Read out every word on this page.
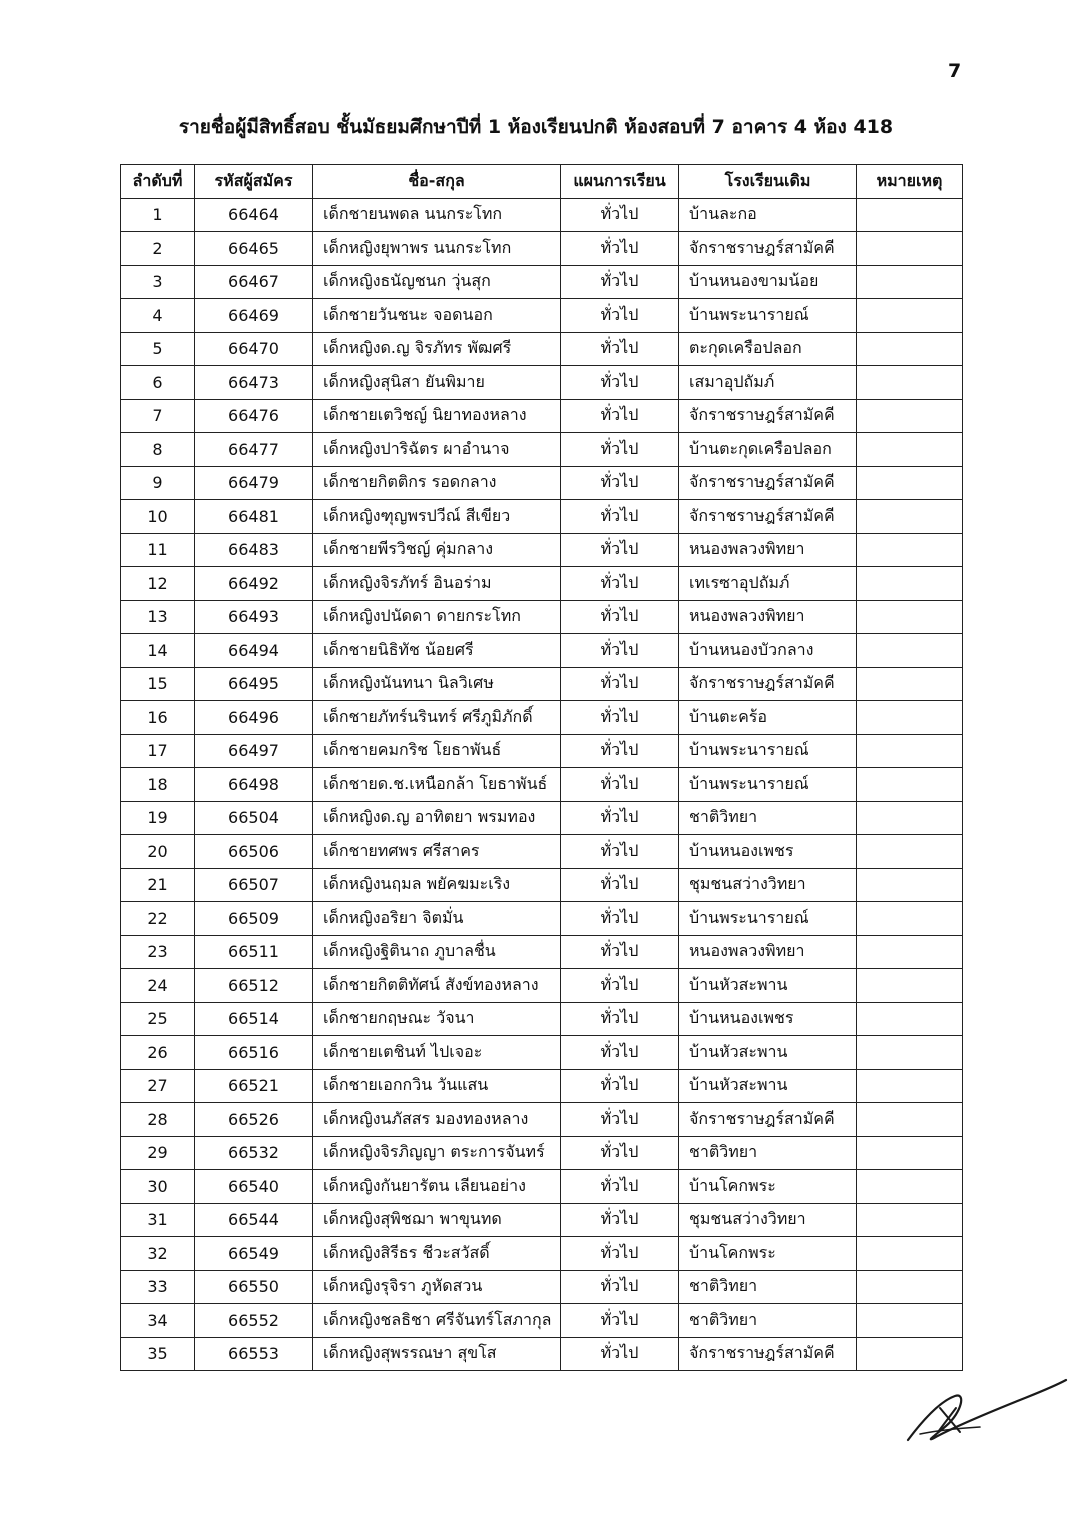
7
รายชื่อผู้มีสิทธิ์สอบ ชั้นมัธยมศึกษาปีที่ 1 ห้องเรียนปกติ ห้องสอบที่ 7 อาคาร 4 ห้อง 418
ลำดับที่	รหัสผู้สมัคร	ชื่อ-สกุล	แผนการเรียน	โรงเรียนเดิม	หมายเหตุ
1	66464	เด็กชายนพดล นนกระโทก	ทั่วไป	บ้านละกอ	
2	66465	เด็กหญิงยุพาพร นนกระโทก	ทั่วไป	จักราชราษฎร์สามัคคี	
3	66467	เด็กหญิงธนัญชนก วุ่นสุก	ทั่วไป	บ้านหนองขามน้อย	
4	66469	เด็กชายวันชนะ จอดนอก	ทั่วไป	บ้านพระนารายณ์	
5	66470	เด็กหญิงด.ญ จิรภัทร พัฒศรี	ทั่วไป	ตะกุดเครือปลอก	
6	66473	เด็กหญิงสุนิสา ยันพิมาย	ทั่วไป	เสมาอุปถัมภ์	
7	66476	เด็กชายเตวิชญ์ นิยาทองหลาง	ทั่วไป	จักราชราษฎร์สามัคคี	
8	66477	เด็กหญิงปาริฉัตร ผาอำนาจ	ทั่วไป	บ้านตะกุดเครือปลอก	
9	66479	เด็กชายกิตติกร รอดกลาง	ทั่วไป	จักราชราษฎร์สามัคคี	
10	66481	เด็กหญิงฑุญพรปวีณ์ สีเขียว	ทั่วไป	จักราชราษฎร์สามัคคี	
11	66483	เด็กชายพีรวิชญ์ คุ่มกลาง	ทั่วไป	หนองพลวงพิทยา	
12	66492	เด็กหญิงจิรภัทร์ อินอร่าม	ทั่วไป	เทเรซาอุปถัมภ์	
13	66493	เด็กหญิงปนัดดา ดายกระโทก	ทั่วไป	หนองพลวงพิทยา	
14	66494	เด็กชายนิธิทัช น้อยศรี	ทั่วไป	บ้านหนองบัวกลาง	
15	66495	เด็กหญิงนันทนา นิลวิเศษ	ทั่วไป	จักราชราษฎร์สามัคคี	
16	66496	เด็กชายภัทร์นรินทร์ ศรีภูมิภักดิ์	ทั่วไป	บ้านตะคร้อ	
17	66497	เด็กชายคมกริช โยธาพันธ์	ทั่วไป	บ้านพระนารายณ์	
18	66498	เด็กชายด.ช.เหนือกล้า โยธาพันธ์	ทั่วไป	บ้านพระนารายณ์	
19	66504	เด็กหญิงด.ญ อาทิตยา พรมทอง	ทั่วไป	ชาติวิทยา	
20	66506	เด็กชายทศพร ศรีสาคร	ทั่วไป	บ้านหนองเพชร	
21	66507	เด็กหญิงนฤมล พยัคฆมะเริง	ทั่วไป	ชุมชนสว่างวิทยา	
22	66509	เด็กหญิงอริยา จิตมั่น	ทั่วไป	บ้านพระนารายณ์	
23	66511	เด็กหญิงฐิตินาถ ภูบาลชื่น	ทั่วไป	หนองพลวงพิทยา	
24	66512	เด็กชายกิตติทัศน์ สังข์ทองหลาง	ทั่วไป	บ้านหัวสะพาน	
25	66514	เด็กชายกฤษณะ วัจนา	ทั่วไป	บ้านหนองเพชร	
26	66516	เด็กชายเตชินท์ ไปเจอะ	ทั่วไป	บ้านหัวสะพาน	
27	66521	เด็กชายเอกกวิน วันแสน	ทั่วไป	บ้านหัวสะพาน	
28	66526	เด็กหญิงนภัสสร มองทองหลาง	ทั่วไป	จักราชราษฎร์สามัคคี	
29	66532	เด็กหญิงจิรภิญญา ตระการจันทร์	ทั่วไป	ชาติวิทยา	
30	66540	เด็กหญิงกันยารัตน เลียนอย่าง	ทั่วไป	บ้านโคกพระ	
31	66544	เด็กหญิงสุพิชฌา พาขุนทด	ทั่วไป	ชุมชนสว่างวิทยา	
32	66549	เด็กหญิงสิรีธร ชีวะสวัสดิ์	ทั่วไป	บ้านโคกพระ	
33	66550	เด็กหญิงรุจิรา ภูหัดสวน	ทั่วไป	ชาติวิทยา	
34	66552	เด็กหญิงชลธิชา ศรีจันทร์โสภากุล	ทั่วไป	ชาติวิทยา	
35	66553	เด็กหญิงสุพรรณษา สุขโส	ทั่วไป	จักราชราษฎร์สามัคคี	
